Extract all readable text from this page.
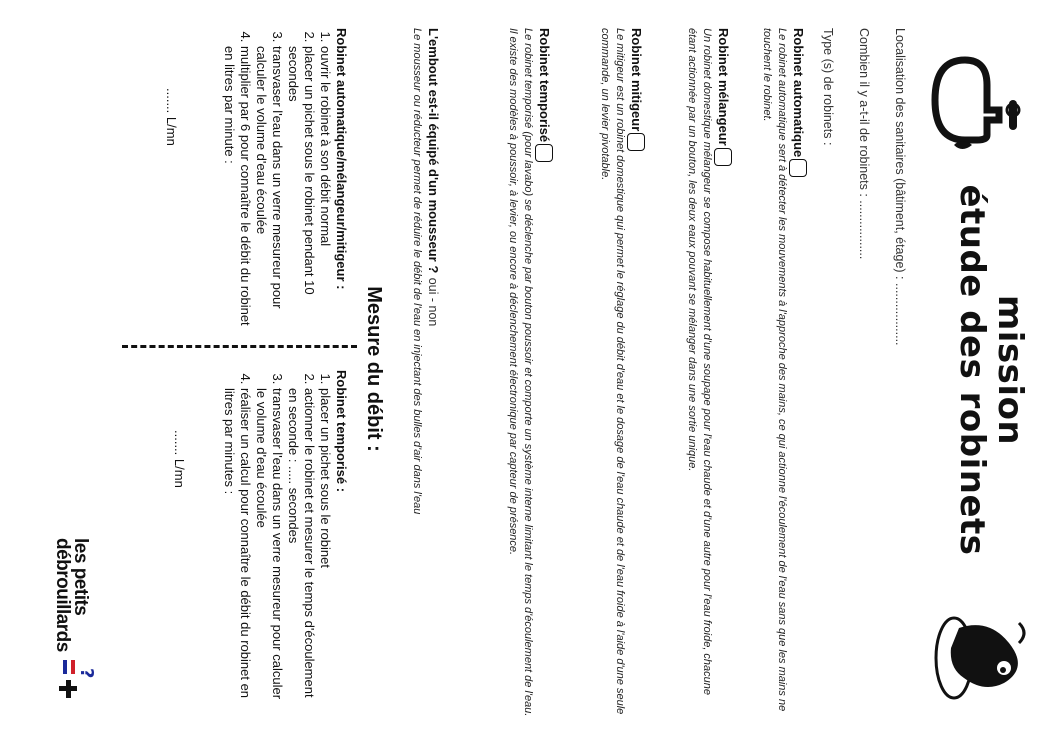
mission
étude des robinets
Localisation des sanitaires (bâtiment, étage) : ..................
Combien il y a-t-il de robinets : .................
Type (s) de robinets :
Robinet automatique
Le robinet automatique sert à détecter les mouvements à l'approche des mains, ce qui actionne l'écoulement de l'eau sans que les mains ne touchent le robinet.
Robinet mélangeur
Un robinet domestique mélangeur se compose habituellement d'une soupape pour l'eau chaude et d'une autre pour l'eau froide, chacune étant actionnée par un bouton, les deux eaux pouvant se mélanger dans une sortie unique.
Robinet mitigeur
Le mitigeur est un robinet domestique qui permet le réglage du débit d'eau et le dosage de l'eau chaude et de l'eau froide à l'aide d'une seule commande, un levier pivotable.
Robinet temporisé
Le robinet temporisé (pour lavabo) se déclenche par bouton poussoir et comporte un système interne limitant le temps d'écoulement de l'eau. Il existe des modèles à poussoir, à levier, ou encore à déclenchement électronique par capteur de présence.
L'embout est-il équipé d'un mousseur ? oui - non
Le mousseur ou réducteur permet de réduire le débit de l'eau en injectant des bulles d'air dans l'eau
Mesure du débit :
Robinet automatique/mélangeur/mitigeur :
1. ouvrir le robinet à son débit normal
2. placer un pichet sous le robinet pendant 10 secondes
3. transvaser l'eau dans un verre mesureur pour calculer le volume d'eau écoulée
4. multiplier par 6 pour connaître le débit du robinet en litres par minute :
....... L/mn
Robinet temporisé :
1. placer un pichet sous le robinet
2. actionner le robinet et mesurer le temps d'écoulement en seconde : ..... secondes
3. transvaser l'eau dans un verre mesureur pour calculer le volume d'eau écoulée
4. réaliser un calcul pour connaître le débit du robinet en litres par minutes :
....... L/mn
les petits
débrouillards
?
